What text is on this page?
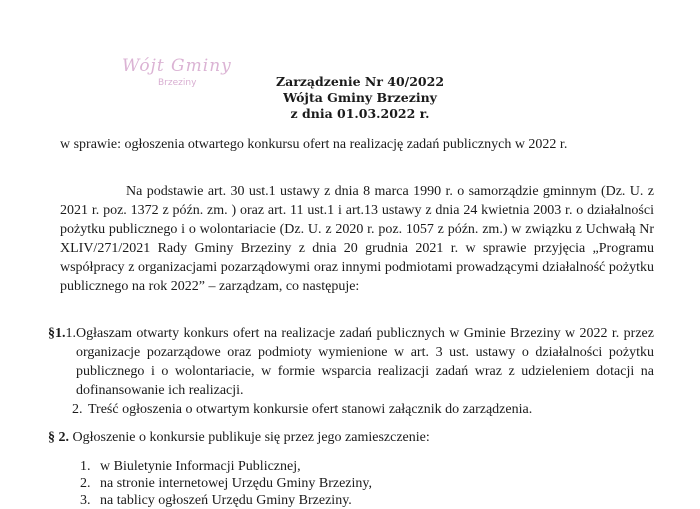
Wójt Gminy
Brzeziny	Zarządzenie Nr 40/2022
Wójta Gminy Brzeziny
z dnia 01.03.2022 r.
w sprawie: ogłoszenia otwartego konkursu ofert na realizację zadań publicznych w 2022 r.
Na podstawie art. 30 ust.1 ustawy z dnia 8 marca 1990 r. o samorządzie gminnym (Dz. U. z 2021 r. poz. 1372 z późn. zm. ) oraz art. 11 ust.1 i art.13 ustawy z dnia 24 kwietnia 2003 r. o działalności pożytku publicznego i o wolontariacie (Dz. U. z 2020 r. poz. 1057 z późn. zm.) w związku z Uchwałą Nr XLIV/271/2021 Rady Gminy Brzeziny z dnia 20 grudnia 2021 r. w sprawie przyjęcia „Programu współpracy z organizacjami pozarządowymi oraz innymi podmiotami prowadzącymi działalność pożytku publicznego na rok 2022” – zarządzam, co następuje:
§1.1. Ogłaszam otwarty konkurs ofert na realizacje zadań publicznych w Gminie Brzeziny w 2022 r. przez organizacje pozarządowe oraz podmioty wymienione w art. 3 ust. ustawy o działalności pożytku publicznego i o wolontariacie, w formie wsparcia realizacji zadań wraz z udzieleniem dotacji na dofinansowanie ich realizacji.
2. Treść ogłoszenia o otwartym konkursie ofert stanowi załącznik do zarządzenia.
§ 2. Ogłoszenie o konkursie publikuje się przez jego zamieszczenie:
1. w Biuletynie Informacji Publicznej,
2. na stronie internetowej Urzędu Gminy Brzeziny,
3. na tablicy ogłoszeń Urzędu Gminy Brzeziny.
